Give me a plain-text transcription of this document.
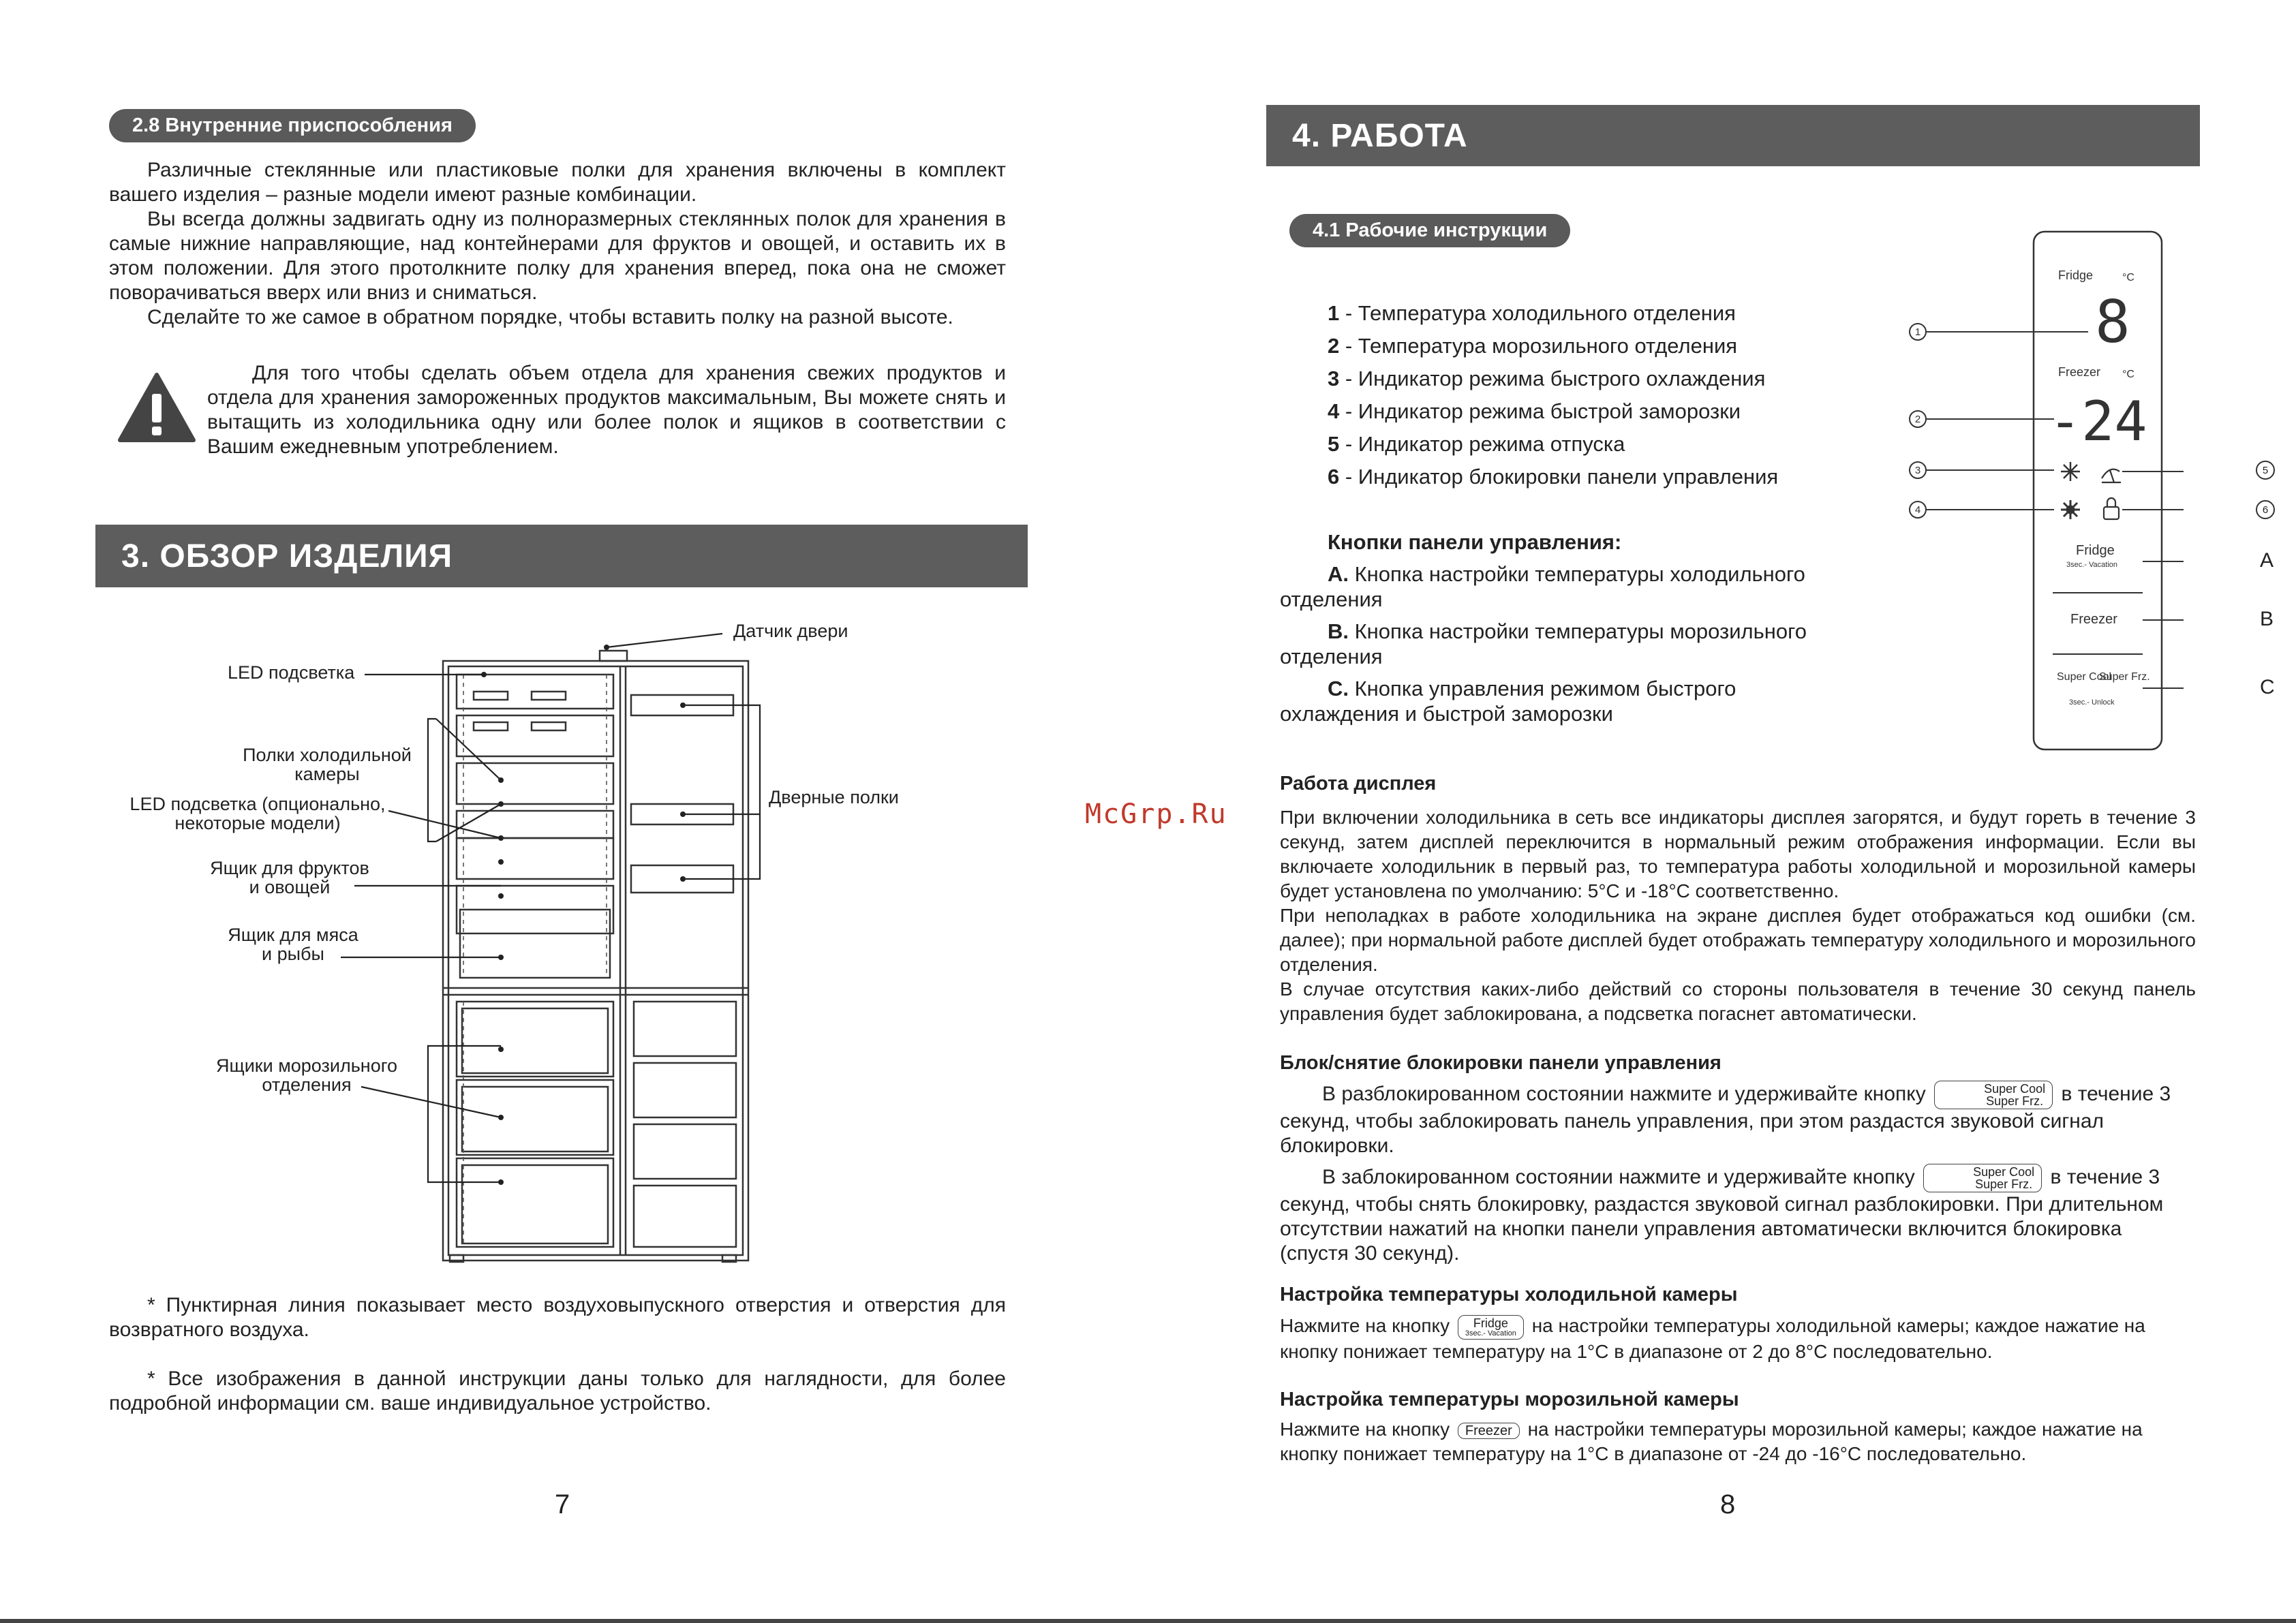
2.8 Внутренние приспособления

Различные стеклянные или пластиковые полки для хранения включены в комплект вашего изделия – разные модели имеют разные комбинации.

Вы всегда должны задвигать одну из полноразмерных стеклянных полок для хранения в самые нижние направляющие, над контейнерами для фруктов и овощей, и оставить их в этом положении. Для этого протолкните полку для хранения вперед, пока она не сможет поворачиваться вверх или вниз и сниматься.

Сделайте то же самое в обратном порядке, чтобы вставить полку на разной высоте.

Для того чтобы сделать объем отдела для хранения свежих продуктов и отдела для хранения замороженных продуктов максимальным, Вы можете снять и вытащить из холодильника одну или более полок и ящиков в соответствии с Вашим ежедневным употреблением.
3. ОБЗОР ИЗДЕЛИЯ
Датчик двери
LED подсветка
Полки холодильной
камеры
LED подсветка (опционально,
некоторые модели)
Дверные полки
Ящик для фруктов
и овощей
Ящик для мяса
и рыбы
Ящики морозильного
отделения

* Пунктирная линия показывает место воздуховыпускного отверстия и отверстия для возвратного воздуха.

* Все изображения в данной инструкции даны только для наглядности, для более подробной информации см. ваше индивидуальное устройство.

7
McGrp.Ru
4. РАБОТА
4.1 Рабочие инструкции
1 - Температура холодильного отделения
2 - Температура морозильного отделения
3 - Индикатор режима быстрого охлаждения
4 - Индикатор режима быстрой заморозки
5 - Индикатор режима отпуска
6 - Индикатор блокировки панели управления
Кнопки панели управления:

A. Кнопка настройки температуры холодильного отделения

B. Кнопка настройки температуры морозильного отделения

C. Кнопка управления режимом быстрого охлаждения и быстрой заморозки

Fridge	°C
Freezer °C
8
-24
Fridge
3sec.- Vacation
Freezer
Super Cool
Super Frz.
3sec.- Unlock
1
2
3
4
5
6
A
B
C
Работа дисплея

При включении холодильника в сеть все индикаторы дисплея загорятся, и будут гореть в течение 3 секунд, затем дисплей переключится в нормальный режим отображения информации. Если вы включаете холодильник в первый раз, то температура работы холодильной и морозильной камеры будет установлена по умолчанию: 5°С и -18°С соответственно.

При неполадках в работе холодильника на экране дисплея будет отображаться код ошибки (см. далее); при нормальной работе дисплей будет отображать температуру холодильного и морозильного отделения.

В случае отсутствия каких-либо действий со стороны пользователя в течение 30 секунд панель управления будет заблокирована, а подсветка погаснет автоматически.

Блок/снятие блокировки панели управления

В разблокированном состоянии нажмите и удерживайте кнопку	Super Cool
Super Frz. в течение 3 секунд, чтобы заблокировать панель управления, при этом раздастся звуковой сигнал блокировки.

В заблокированном состоянии нажмите и удерживайте кнопку	Super Cool
Super Frz. в течение 3 секунд, чтобы снять блокировку, раздастся звуковой сигнал разблокировки. При длительном отсутствии нажатий на кнопки панели управления автоматически включится блокировка (спустя 30 секунд).

Настройка температуры холодильной камеры
Нажмите на кнопку Fridge
3sec.- Vacation на настройки температуры холодильной камеры; каждое нажатие на кнопку понижает температуру на 1°С в диапазоне от 2 до 8°С последовательно.
Настройка температуры морозильной камеры
Нажмите на кнопку Freezer на настройки температуры морозильной камеры; каждое нажатие на кнопку понижает температуру на 1°С в диапазоне от -24 до -16°С последовательно.
8
